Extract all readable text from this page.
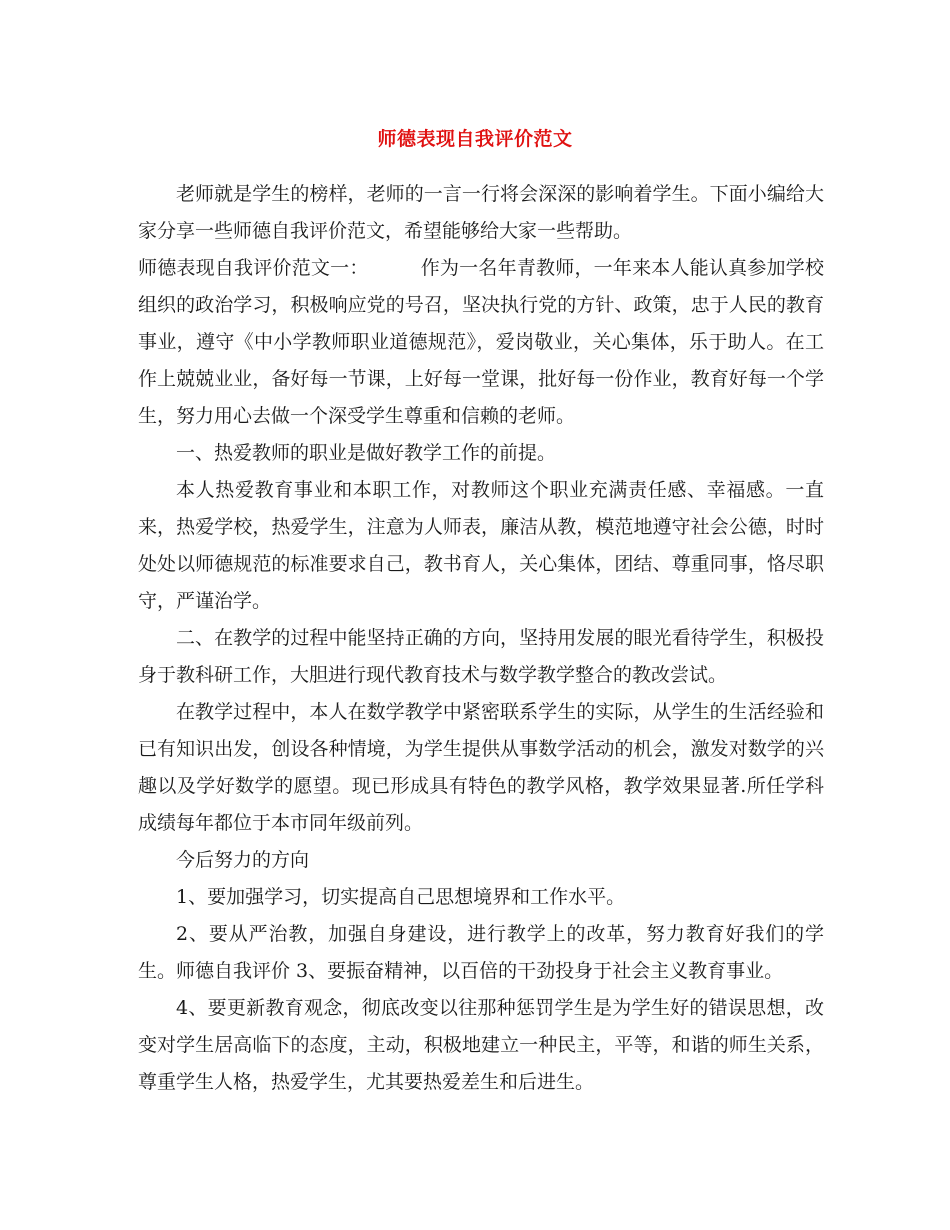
师德表现自我评价范文

老师就是学生的榜样，老师的一言一行将会深深的影响着学生。下面小编给大家分享一些师德自我评价范文，希望能够给大家一些帮助。

师德表现自我评价范文一：	作为一名年青教师，一年来本人能认真参加学校组织的政治学习，积极响应党的号召，坚决执行党的方针、政策，忠于人民的教育事业，遵守《中小学教师职业道德规范》，爱岗敬业，关心集体，乐于助人。在工作上兢兢业业，备好每一节课，上好每一堂课，批好每一份作业，教育好每一个学生，努力用心去做一个深受学生尊重和信赖的老师。

一、热爱教师的职业是做好教学工作的前提。

本人热爱教育事业和本职工作，对教师这个职业充满责任感、幸福感。一直来，热爱学校，热爱学生，注意为人师表，廉洁从教，模范地遵守社会公德，时时处处以师德规范的标准要求自己，教书育人，关心集体，团结、尊重同事，恪尽职守，严谨治学。

二、在教学的过程中能坚持正确的方向，坚持用发展的眼光看待学生，积极投身于教科研工作，大胆进行现代教育技术与数学教学整合的教改尝试。

在教学过程中，本人在数学教学中紧密联系学生的实际，从学生的生活经验和已有知识出发，创设各种情境，为学生提供从事数学活动的机会，激发对数学的兴趣以及学好数学的愿望。现已形成具有特色的教学风格，教学效果显著.所任学科成绩每年都位于本市同年级前列。

今后努力的方向

1、要加强学习，切实提高自己思想境界和工作水平。

2、要从严治教，加强自身建设，进行教学上的改革，努力教育好我们的学生。师德自我评价 3、要振奋精神，以百倍的干劲投身于社会主义教育事业。

4、要更新教育观念，彻底改变以往那种惩罚学生是为学生好的错误思想，改变对学生居高临下的态度，主动，积极地建立一种民主，平等，和谐的师生关系，尊重学生人格，热爱学生，尤其要热爱差生和后进生。
